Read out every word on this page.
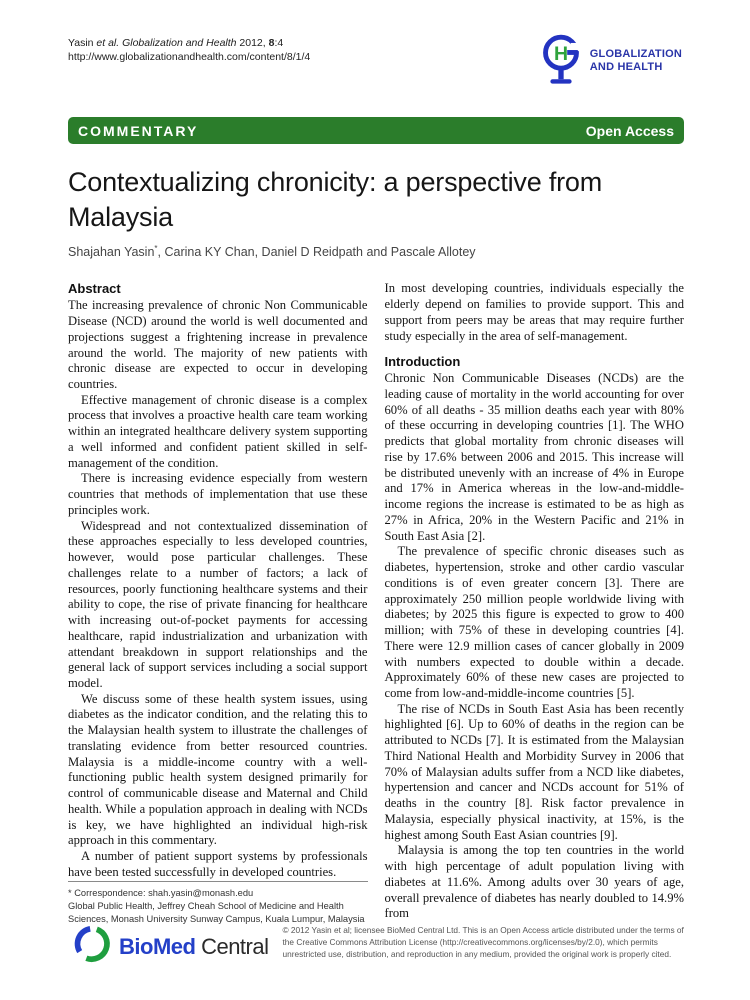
Yasin et al. Globalization and Health 2012, 8:4
http://www.globalizationandhealth.com/content/8/1/4	H GLOBALIZATION
AND HEALTH
COMMENTARY	Open Access
Contextualizing chronicity: a perspective from Malaysia
Shajahan Yasin*, Carina KY Chan, Daniel D Reidpath and Pascale Allotey
Abstract

The increasing prevalence of chronic Non Communicable Disease (NCD) around the world is well documented and projections suggest a frightening increase in prevalence around the world. The majority of new patients with chronic disease are expected to occur in developing countries.

Effective management of chronic disease is a complex process that involves a proactive health care team working within an integrated healthcare delivery system supporting a well informed and confident patient skilled in self-management of the condition.

There is increasing evidence especially from western countries that methods of implementation that use these principles work.

Widespread and not contextualized dissemination of these approaches especially to less developed countries, however, would pose particular challenges. These challenges relate to a number of factors; a lack of resources, poorly functioning healthcare systems and their ability to cope, the rise of private financing for healthcare with increasing out-of-pocket payments for accessing healthcare, rapid industrialization and urbanization with attendant breakdown in support relationships and the general lack of support services including a social support model.

We discuss some of these health system issues, using diabetes as the indicator condition, and the relating this to the Malaysian health system to illustrate the challenges of translating evidence from better resourced countries. Malaysia is a middle-income country with a well-functioning public health system designed primarily for control of communicable disease and Maternal and Child health. While a population approach in dealing with NCDs is key, we have highlighted an individual high-risk approach in this commentary.

A number of patient support systems by professionals have been tested successfully in developed countries.

* Correspondence: shah.yasin@monash.edu
Global Public Health, Jeffrey Cheah School of Medicine and Health Sciences, Monash University Sunway Campus, Kuala Lumpur, Malaysia

In most developing countries, individuals especially the elderly depend on families to provide support. This and support from peers may be areas that may require further study especially in the area of self-management.

Introduction

Chronic Non Communicable Diseases (NCDs) are the leading cause of mortality in the world accounting for over 60% of all deaths - 35 million deaths each year with 80% of these occurring in developing countries [1]. The WHO predicts that global mortality from chronic diseases will rise by 17.6% between 2006 and 2015. This increase will be distributed unevenly with an increase of 4% in Europe and 17% in America whereas in the low-and-middle-income regions the increase is estimated to be as high as 27% in Africa, 20% in the Western Pacific and 21% in South East Asia [2].

The prevalence of specific chronic diseases such as diabetes, hypertension, stroke and other cardio vascular conditions is of even greater concern [3]. There are approximately 250 million people worldwide living with diabetes; by 2025 this figure is expected to grow to 400 million; with 75% of these in developing countries [4]. There were 12.9 million cases of cancer globally in 2009 with numbers expected to double within a decade. Approximately 60% of these new cases are projected to come from low-and-middle-income countries [5].

The rise of NCDs in South East Asia has been recently highlighted [6]. Up to 60% of deaths in the region can be attributed to NCDs [7]. It is estimated from the Malaysian Third National Health and Morbidity Survey in 2006 that 70% of Malaysian adults suffer from a NCD like diabetes, hypertension and cancer and NCDs account for 51% of deaths in the country [8]. Risk factor prevalence in Malaysia, especially physical inactivity, at 15%, is the highest among South East Asian countries [9].

Malaysia is among the top ten countries in the world with high percentage of adult population living with diabetes at 11.6%. Among adults over 30 years of age, overall prevalence of diabetes has nearly doubled to 14.9% from

BioMed Central
© 2012 Yasin et al; licensee BioMed Central Ltd. This is an Open Access article distributed under the terms of the Creative Commons Attribution License (http://creativecommons.org/licenses/by/2.0), which permits unrestricted use, distribution, and reproduction in any medium, provided the original work is properly cited.
